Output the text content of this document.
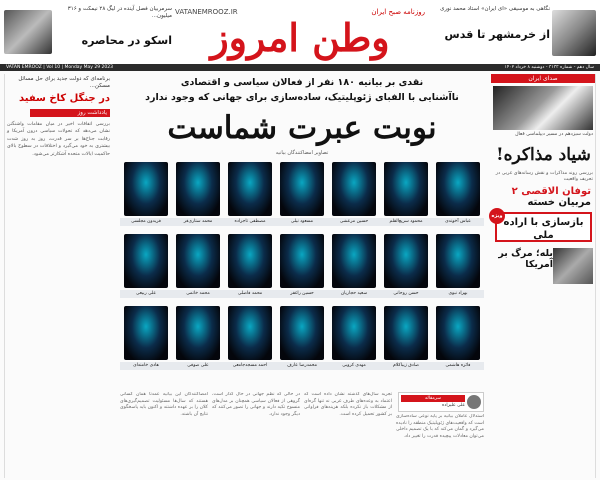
نگاهی به موسیقی «ای ایران» استاد محمد نوری
از خرمشهر تا قدس
VATANEMROOZ.IR	روزنامه صبح ایران
وطن امروز
سرمربیان فصل آینده در لیگ ۲۸ نیمکت و ۳۱۶ میلیون...
اسکو در محاصره
سال دهم - شماره ۳۱۳۳ - دوشنبه ۸ خرداد ۱۴۰۲
VATAN EMROOZ | Vol 10 | Monday May 29 2023
صدای ایران
دولت سیزدهم در مسیر دیپلماسی فعال
شیاد مذاکره!
بررسی روند مذاکرات و نقش رسانه‌های غربی در تحریف واقعیت
توفان الاقصی ۲
مربیان خسته
ویژه
بازسازی با اراده ملی
بله؛ مرگ بر آمریکا
نقدی بر بیانیه ۱۸۰ نفر از فعالان سیاسی و اقتصادی
ناآشنایی با الفبای ژئوپلیتیک، ساده‌سازی برای جهانی که وجود ندارد
نوبت عبرت شماست
تصاویر امضاکنندگان بیانیه
عباس آخوندی
محمود سریع‌القلم
حسین مرعشی
مسعود نیلی
مصطفی تاجزاده
محمد ستاری‌فر
فریدون مجلسی
بهزاد نبوی
حسن روحانی
سعید حجاریان
حسین راغفر
محمد فاضلی
محمد خاتمی
علی ربیعی
فائزه هاشمی
صادق زیباکلام
مهدی کروبی
محمدرضا عارف
احمد مسجدجامعی
علی صوفی
هادی خامنه‌ای
سرمقاله
علی علیزاده
استدلال عاملان بیانیه بر پایه نوعی ساده‌سازی است که واقعیت‌های ژئوپلیتیک منطقه را نادیده می‌گیرد و گمان می‌کند که با یک تصمیم داخلی می‌توان معادلات پیچیده قدرت را تغییر داد.
تجربه سال‌های گذشته نشان داده است که اعتماد به وعده‌های طرف غربی نه تنها گره‌ای از مشکلات باز نکرده بلکه هزینه‌های فراوانی بر کشور تحمیل کرده است.
در حالی که نظم جهانی در حال گذار است، گروهی از فعالان سیاسی همچنان بر مدل‌های منسوخ تکیه دارند و جهانی را تصور می‌کنند که دیگر وجود ندارد.
امضاکنندگان این بیانیه عمدتاً همان کسانی هستند که سال‌ها مسئولیت تصمیم‌گیری‌های کلان را بر عهده داشتند و اکنون باید پاسخگوی نتایج آن باشند.
برنامه‌ای که دولت جدید برای حل مسائل مسکن...
در جنگل کاخ سفید
یادداشت روز
بررسی اتفاقات اخیر در میان مقامات واشنگتن نشان می‌دهد که تحولات سیاسی درون آمریکا و رقابت جناح‌ها بر سر قدرت، روز به روز شدت بیشتری به خود می‌گیرد و اختلافات در سطوح بالای حاکمیت ایالات متحده آشکارتر می‌شود.
